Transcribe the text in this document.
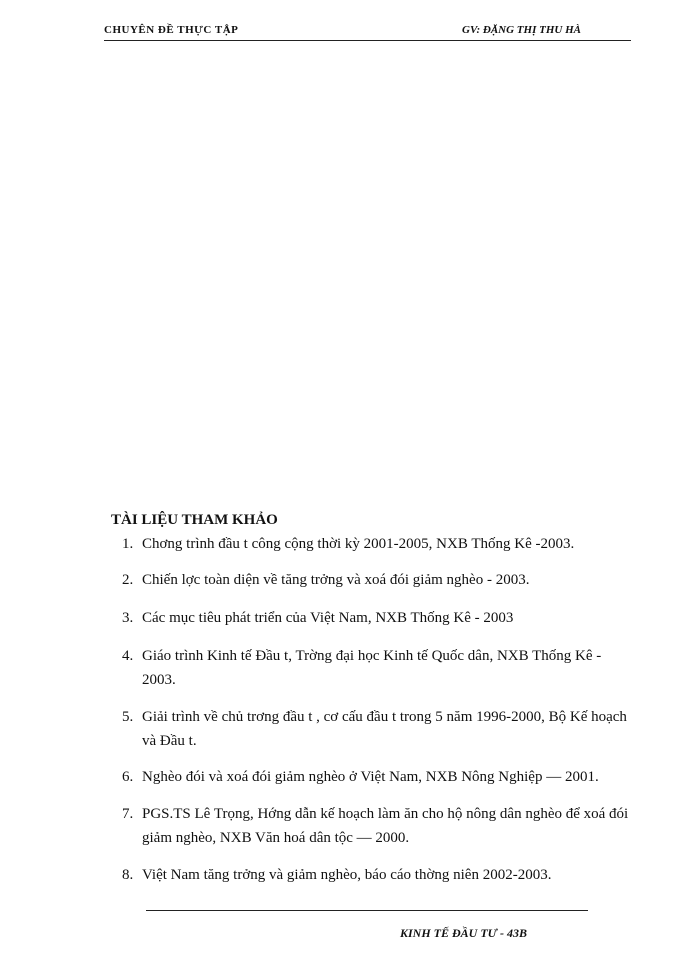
CHUYÊN ĐỀ THỰC TẬP	GV: ĐẶNG THỊ THU HÀ
TÀI LIỆU THAM KHẢO
1. Chơng trình đầu t công cộng thời kỳ 2001-2005, NXB Thống Kê -2003.
2. Chiến lợc toàn diện về tăng trởng và xoá đói giảm nghèo - 2003.
3. Các mục tiêu phát triển của Việt Nam, NXB Thống Kê - 2003
4. Giáo trình Kinh tế Đầu t, Trờng đại học Kinh tế Quốc dân, NXB Thống Kê - 2003.
5. Giải trình về chủ trơng đầu t , cơ cấu đầu t trong 5 năm 1996-2000, Bộ Kế hoạch và Đầu t.
6. Nghèo đói và xoá đói giảm nghèo ở Việt Nam, NXB Nông Nghiệp — 2001.
7. PGS.TS Lê Trọng, Hớng dẫn kế hoạch làm ăn cho hộ nông dân nghèo để xoá đói giảm nghèo, NXB Văn hoá dân tộc — 2000.
8. Việt Nam tăng trởng và giảm nghèo, báo cáo thờng niên 2002-2003.
KINH TẾ ĐẦU TƯ - 43B
